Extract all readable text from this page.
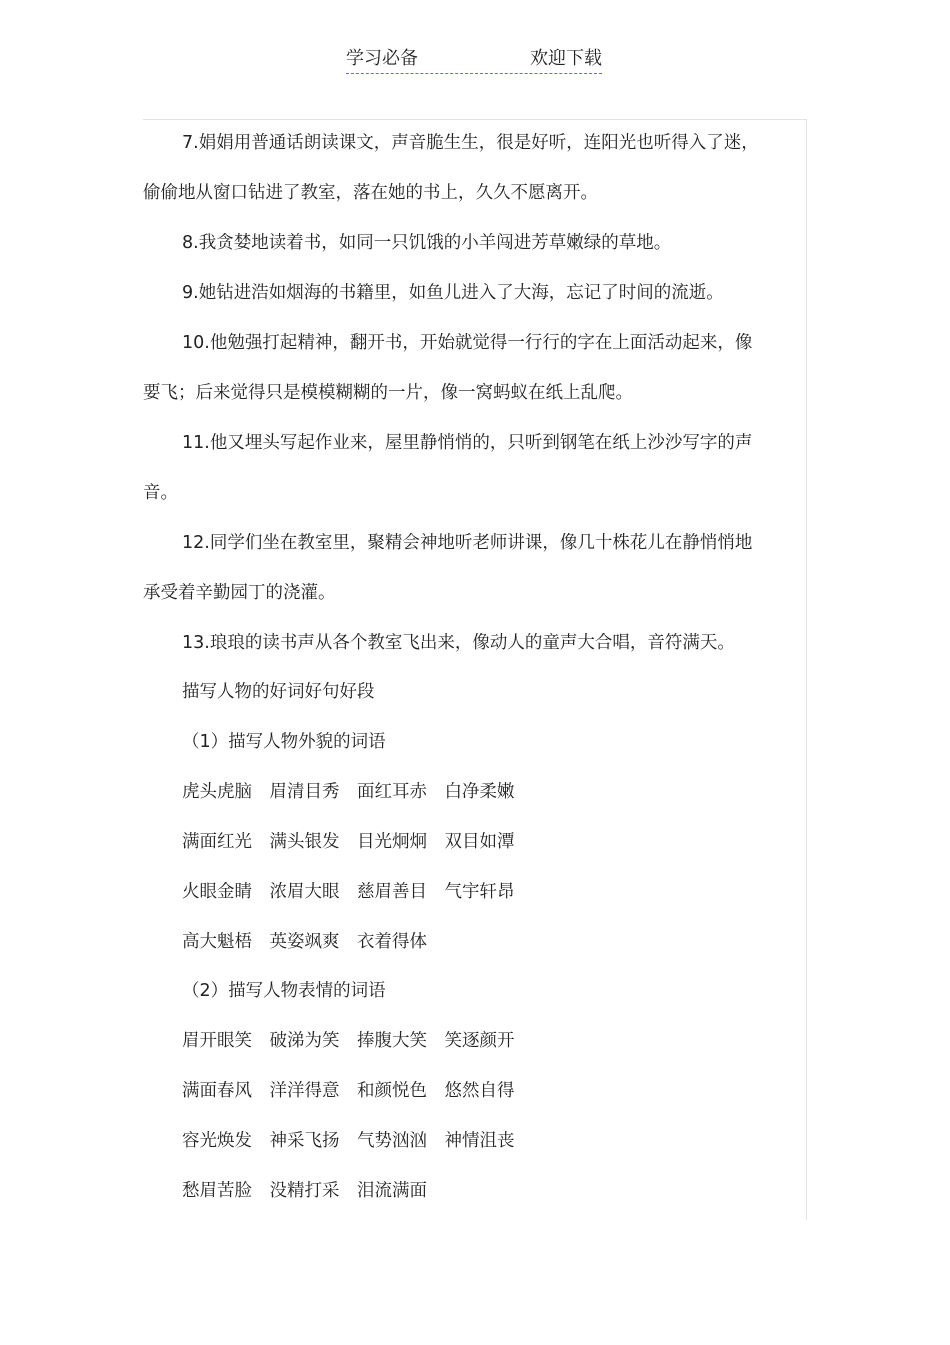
学习必备	欢迎下载
7.娟娟用普通话朗读课文，声音脆生生，很是好听，连阳光也听得入了迷，
偷偷地从窗口钻进了教室，落在她的书上，久久不愿离开。
8.我贪婪地读着书，如同一只饥饿的小羊闯进芳草嫩绿的草地。
9.她钻进浩如烟海的书籍里，如鱼儿进入了大海，忘记了时间的流逝。
10.他勉强打起精神，翻开书，开始就觉得一行行的字在上面活动起来，像
要飞；后来觉得只是模模糊糊的一片，像一窝蚂蚁在纸上乱爬。
11.他又埋头写起作业来，屋里静悄悄的，只听到钢笔在纸上沙沙写字的声
音。
12.同学们坐在教室里，聚精会神地听老师讲课，像几十株花儿在静悄悄地
承受着辛勤园丁的浇灌。
13.琅琅的读书声从各个教室飞出来，像动人的童声大合唱，音符满天。
描写人物的好词好句好段
（1）描写人物外貌的词语
虎头虎脑　眉清目秀　面红耳赤　白净柔嫩
满面红光　满头银发　目光炯炯　双目如潭
火眼金睛　浓眉大眼　慈眉善目　气宇轩昂
高大魁梧　英姿飒爽　衣着得体
（2）描写人物表情的词语
眉开眼笑　破涕为笑　捧腹大笑　笑逐颜开
满面春风　洋洋得意　和颜悦色　悠然自得
容光焕发　神采飞扬　气势汹汹　神情沮丧
愁眉苦脸　没精打采　泪流满面
